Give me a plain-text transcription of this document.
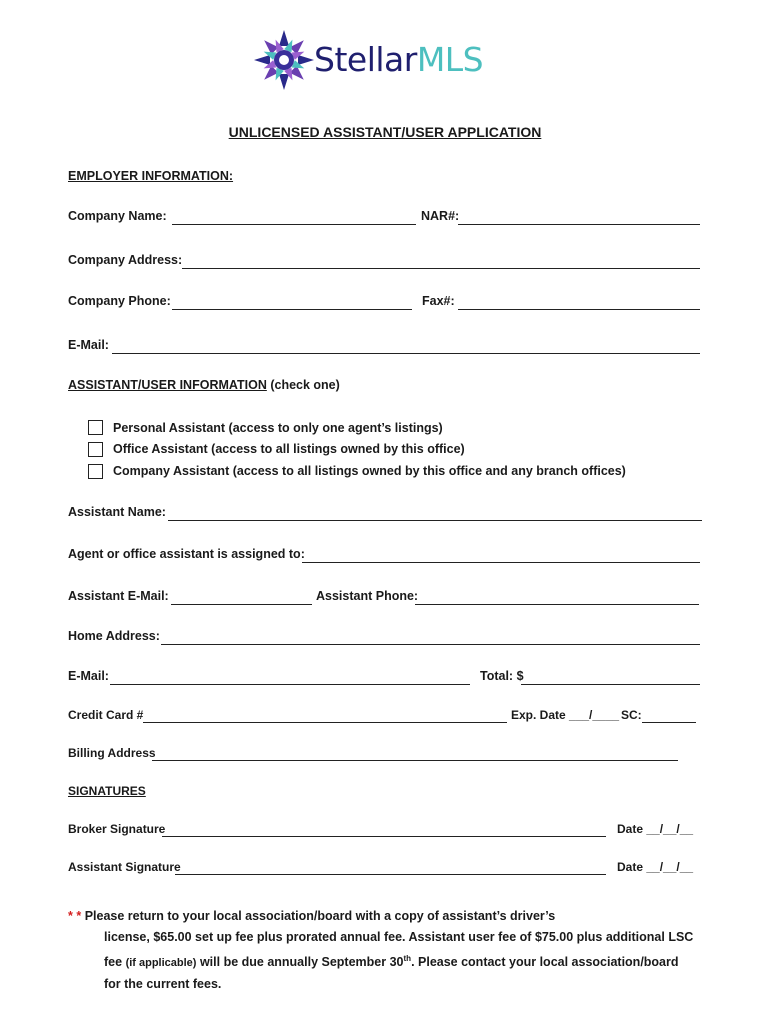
StellarMLS
UNLICENSED ASSISTANT/USER APPLICATION
EMPLOYER INFORMATION:
Company Name:	NAR#:
Company Address:
Company Phone:	Fax#:
E-Mail:
ASSISTANT/USER INFORMATION (check one)
Personal Assistant (access to only one agent’s listings)
Office Assistant (access to all listings owned by this office)
Company Assistant (access to all listings owned by this office and any branch offices)
Assistant Name:
Agent or office assistant is assigned to:
Assistant E-Mail:	Assistant Phone:
Home Address:
E-Mail:	Total: $
Credit Card #	Exp. Date ___/____ SC:
Billing Address
SIGNATURES
Broker Signature	Date __/__/__
Assistant Signature	Date __/__/__
* * Please return to your local association/board with a copy of assistant’s driver’s
license, $65.00 set up fee plus prorated annual fee. Assistant user fee of $75.00 plus additional LSC
fee (if applicable) will be due annually September 30th. Please contact your local association/board
for the current fees.
